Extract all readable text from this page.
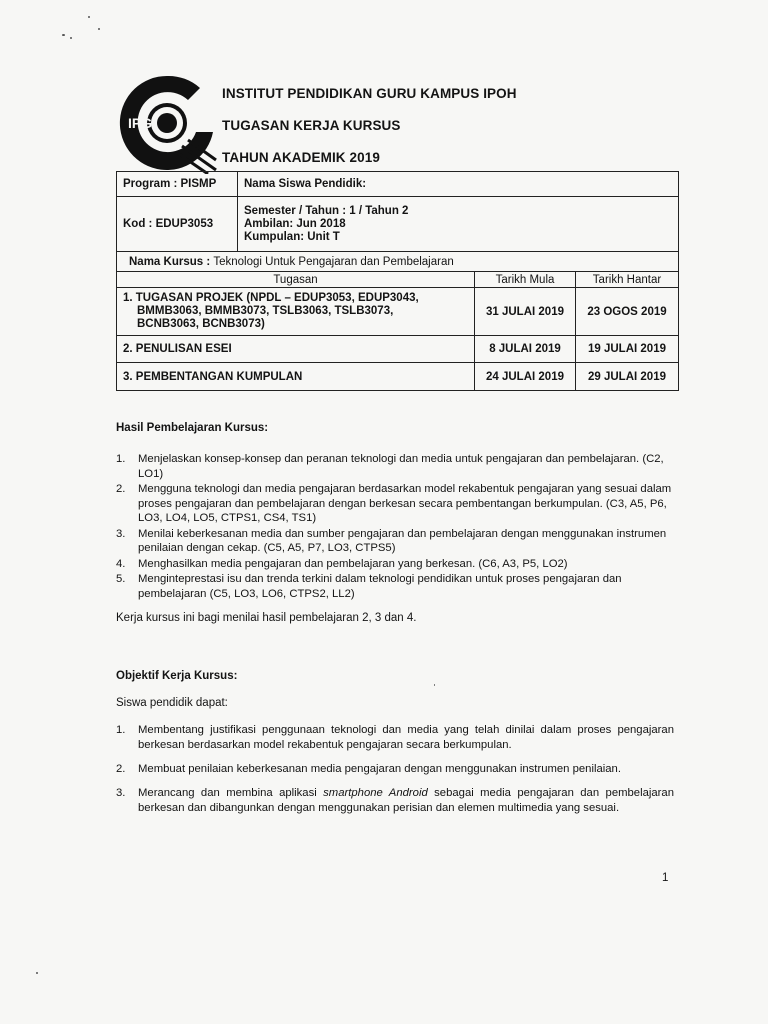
IPG
INSTITUT PENDIDIKAN GURU KAMPUS IPOH
TUGASAN KERJA KURSUS
TAHUN AKADEMIK 2019
Program : PISMP	Nama Siswa Pendidik:		
Kod : EDUP3053	Semester / Tahun : 1 / Tahun 2
Ambilan: Jun 2018
Kumpulan: Unit T		

Nama Kursus : Teknologi Untuk Pengajaran dan Pembelajaran			
Tugasan		Tarikh Mula	Tarikh Hantar

1. TUGASAN PROJEK (NPDL – EDUP3053, EDUP3043,
BMMB3063, BMMB3073, TSLB3063, TSLB3073,
BCNB3063, BCNB3073)		31 JULAI 2019	23 OGOS 2019
2. PENULISAN ESEI		8 JULAI 2019	19 JULAI 2019
3. PEMBENTANGAN KUMPULAN		24 JULAI 2019	29 JULAI 2019
Hasil Pembelajaran Kursus:
1.	Menjelaskan konsep-konsep dan peranan teknologi dan media untuk pengajaran dan pembelajaran. (C2, LO1)
2.	Mengguna teknologi dan media pengajaran berdasarkan model rekabentuk pengajaran yang sesuai dalam proses pengajaran dan pembelajaran dengan berkesan secara pembentangan berkumpulan. (C3, A5, P6, LO3, LO4, LO5, CTPS1, CS4, TS1)
3.	Menilai keberkesanan media dan sumber pengajaran dan pembelajaran dengan menggunakan instrumen penilaian dengan cekap. (C5, A5, P7, LO3, CTPS5)
4.	Menghasilkan media pengajaran dan pembelajaran yang berkesan. (C6, A3, P5, LO2)
5.	Menginteprestasi isu dan trenda terkini dalam teknologi pendidikan untuk proses pengajaran dan pembelajaran (C5, LO3, LO6, CTPS2, LL2)
Kerja kursus ini bagi menilai hasil pembelajaran 2, 3 dan 4.
Objektif Kerja Kursus:
Siswa pendidik dapat:
1.	Membentang justifikasi penggunaan teknologi dan media yang telah dinilai dalam proses pengajaran berkesan berdasarkan model rekabentuk pengajaran secara berkumpulan.
2.	Membuat penilaian keberkesanan media pengajaran dengan menggunakan instrumen penilaian.
3.	Merancang dan membina aplikasi smartphone Android sebagai media pengajaran dan pembelajaran berkesan dan dibangunkan dengan menggunakan perisian dan elemen multimedia yang sesuai.
1
